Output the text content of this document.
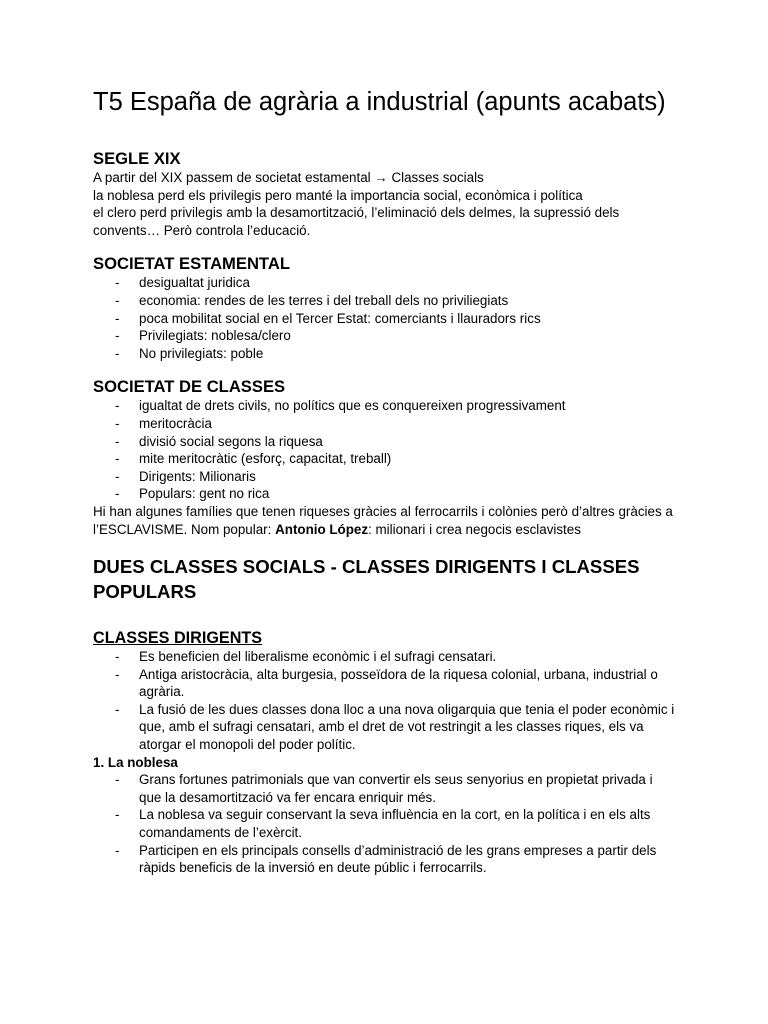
T5 España de agrària a industrial (apunts acabats)
SEGLE XIX

A partir del XIX passem de societat estamental → Classes socials

la noblesa perd els privilegis pero manté la importancia social, econòmica i política

el clero perd privilegis amb la desamortització, l’eliminació dels delmes, la supressió dels convents… Però controla l’educació.

SOCIETAT ESTAMENTAL
- desigualtat juridica
- economia: rendes de les terres i del treball dels no priviliegiats
- poca mobilitat social en el Tercer Estat: comerciants i llauradors rics
- Privilegiats: noblesa/clero
- No privilegiats: poble
SOCIETAT DE CLASSES
- igualtat de drets civils, no polítics que es conquereixen progressivament
- meritocràcia
- divisió social segons la riquesa
- mite meritocràtic (esforç, capacitat, treball)
- Dirigents: Milionaris
- Populars: gent no rica

Hi han algunes famílies que tenen riqueses gràcies al ferrocarrils i colònies però d’altres gràcies a l’ESCLAVISME. Nom popular: Antonio López: milionari i crea negocis esclavistes

DUES CLASSES SOCIALS - CLASSES DIRIGENTS I CLASSES POPULARS
CLASSES DIRIGENTS
- Es beneficien del liberalisme econòmic i el sufragi censatari.
- Antiga aristocràcia, alta burgesia, posseïdora de la riquesa colonial, urbana, industrial o agrària.
- La fusió de les dues classes dona lloc a una nova oligarquia que tenia el poder econòmic i que, amb el sufragi censatari, amb el dret de vot restringit a les classes riques, els va atorgar el monopoli del poder polític.

1. La noblesa

- Grans fortunes patrimonials que van convertir els seus senyorius en propietat privada i que la desamortització va fer encara enriquir més.
- La noblesa va seguir conservant la seva influència en la cort, en la política i en els alts comandaments de l’exèrcit.
- Participen en els principals consells d’administració de les grans empreses a partir dels ràpids beneficis de la inversió en deute públic i ferrocarrils.
